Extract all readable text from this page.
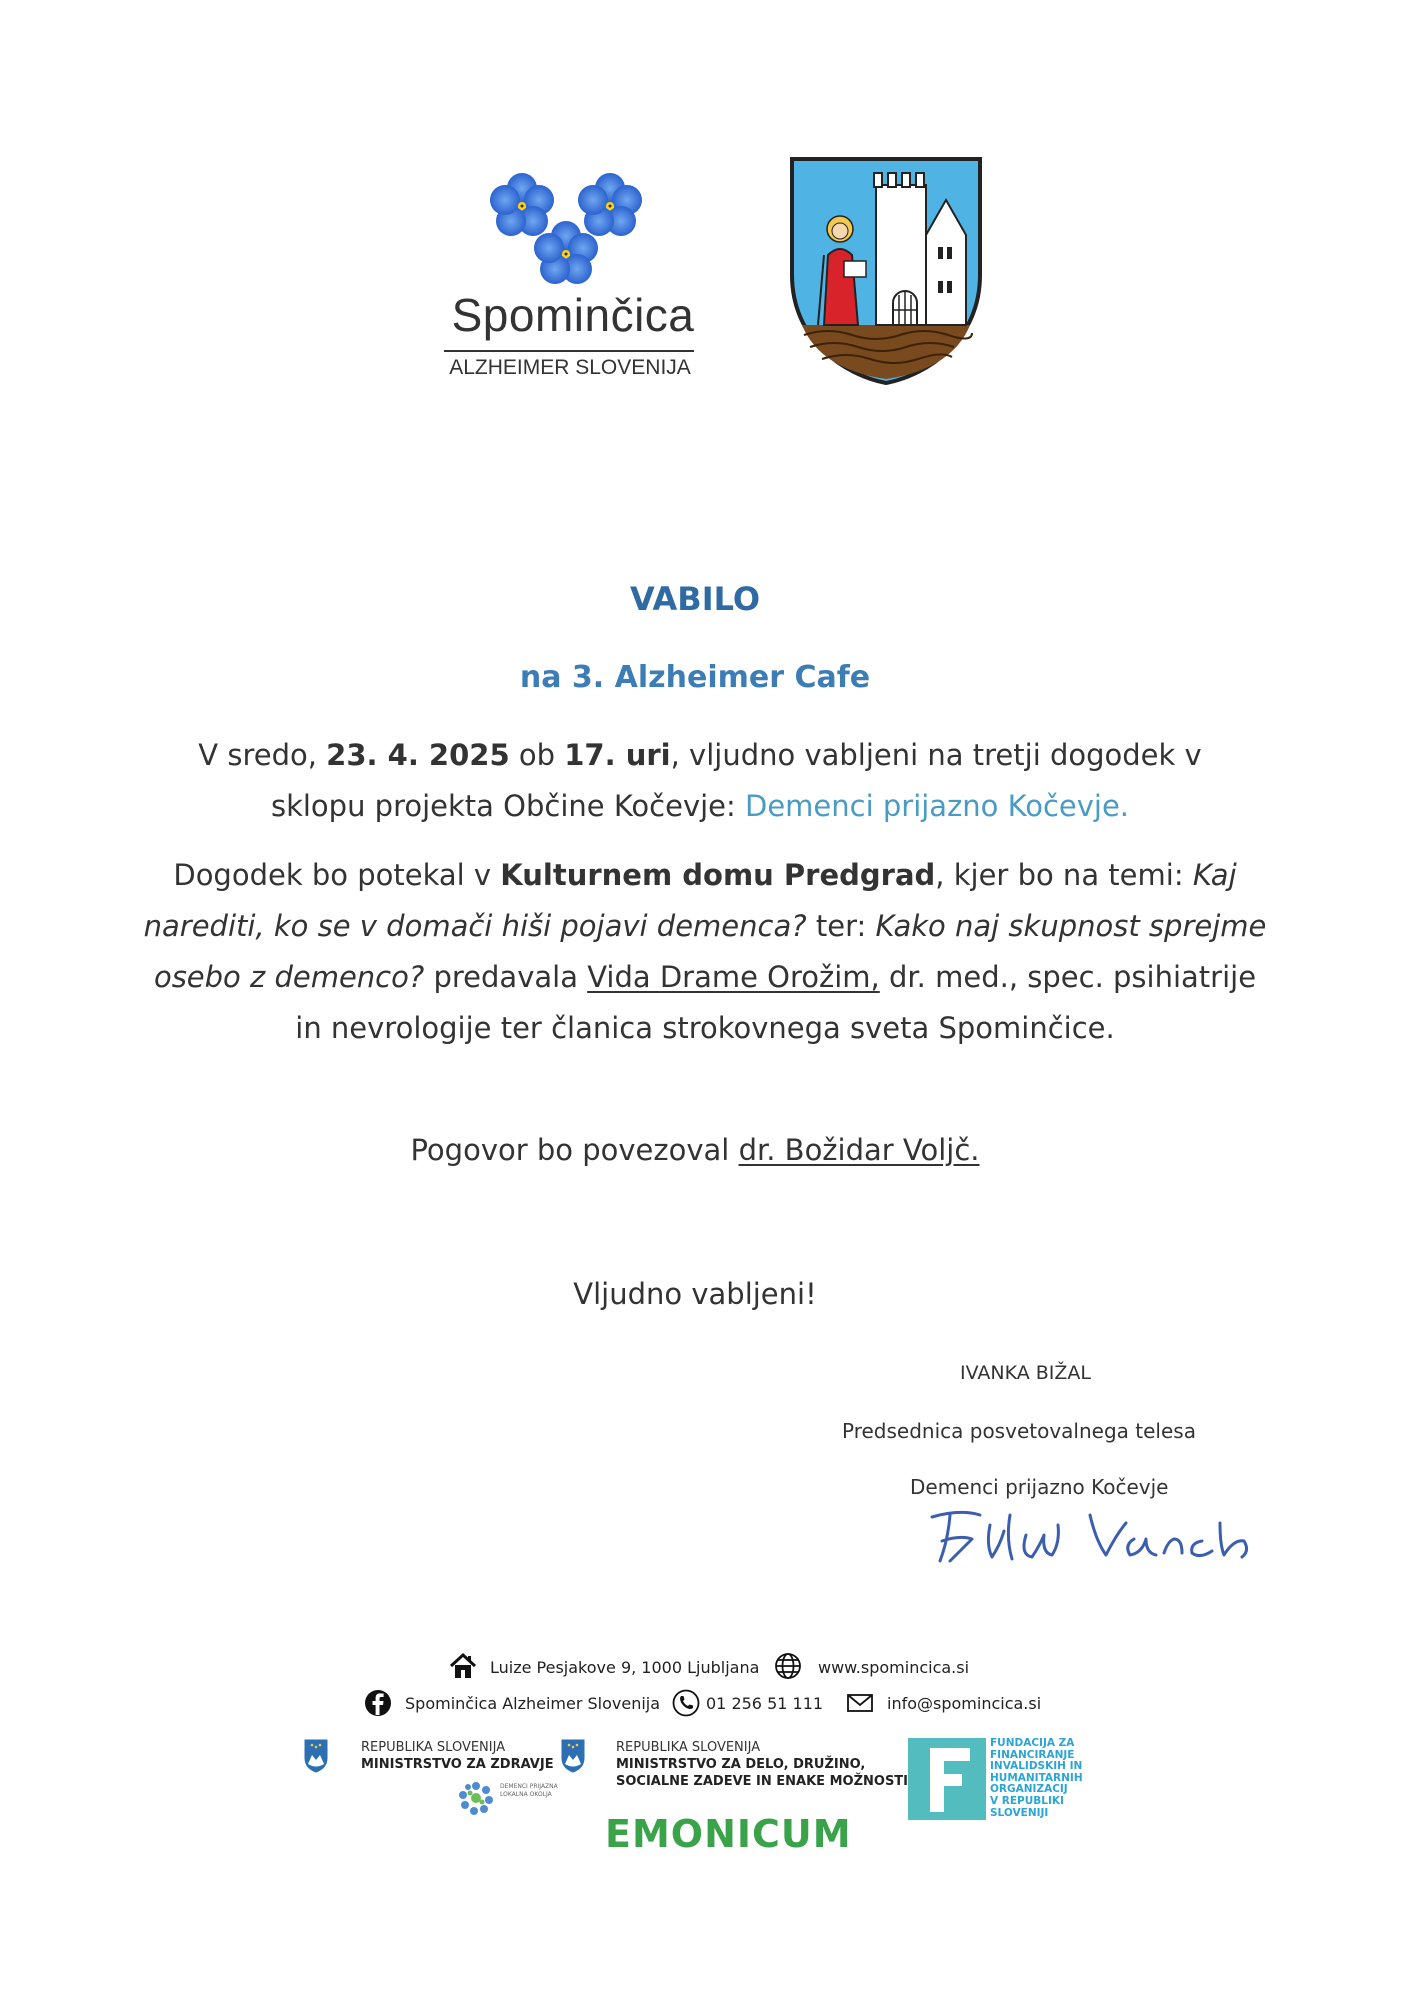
Spominčica
ALZHEIMER SLOVENIJA
VABILO
na 3. Alzheimer Cafe
V sredo, 23. 4. 2025 ob 17. uri, vljudno vabljeni na tretji dogodek v sklopu projekta Občine Kočevje: Demenci prijazno Kočevje.
Dogodek bo potekal v Kulturnem domu Predgrad, kjer bo na temi: Kaj narediti, ko se v domači hiši pojavi demenca? ter: Kako naj skupnost sprejme osebo z demenco? predavala Vida Drame Orožim, dr. med., spec. psihiatrije in nevrologije ter članica strokovnega sveta Spominčice.
Pogovor bo povezoval dr. Božidar Voljč.
Vljudno vabljeni!
IVANKA BIŽAL
Predsednica posvetovalnega telesa
Demenci prijazno Kočevje
Luize Pesjakove 9, 1000 Ljubljana	www.spomincica.si
Spominčica Alzheimer Slovenija	01 256 51 111	info@spomincica.si
REPUBLIKA SLOVENIJA
MINISTRSTVO ZA ZDRAVJE
DEMENCI PRIJAZNA LOKALNA OKOLJA
REPUBLIKA SLOVENIJA
MINISTRSTVO ZA DELO, DRUŽINO,
SOCIALNE ZADEVE IN ENAKE MOŽNOSTI
EMONICUM
FUNDACIJA ZA
FINANCIRANJE
INVALIDSKIH IN
HUMANITARNIH
ORGANIZACIJ
V REPUBLIKI
SLOVENIJI
